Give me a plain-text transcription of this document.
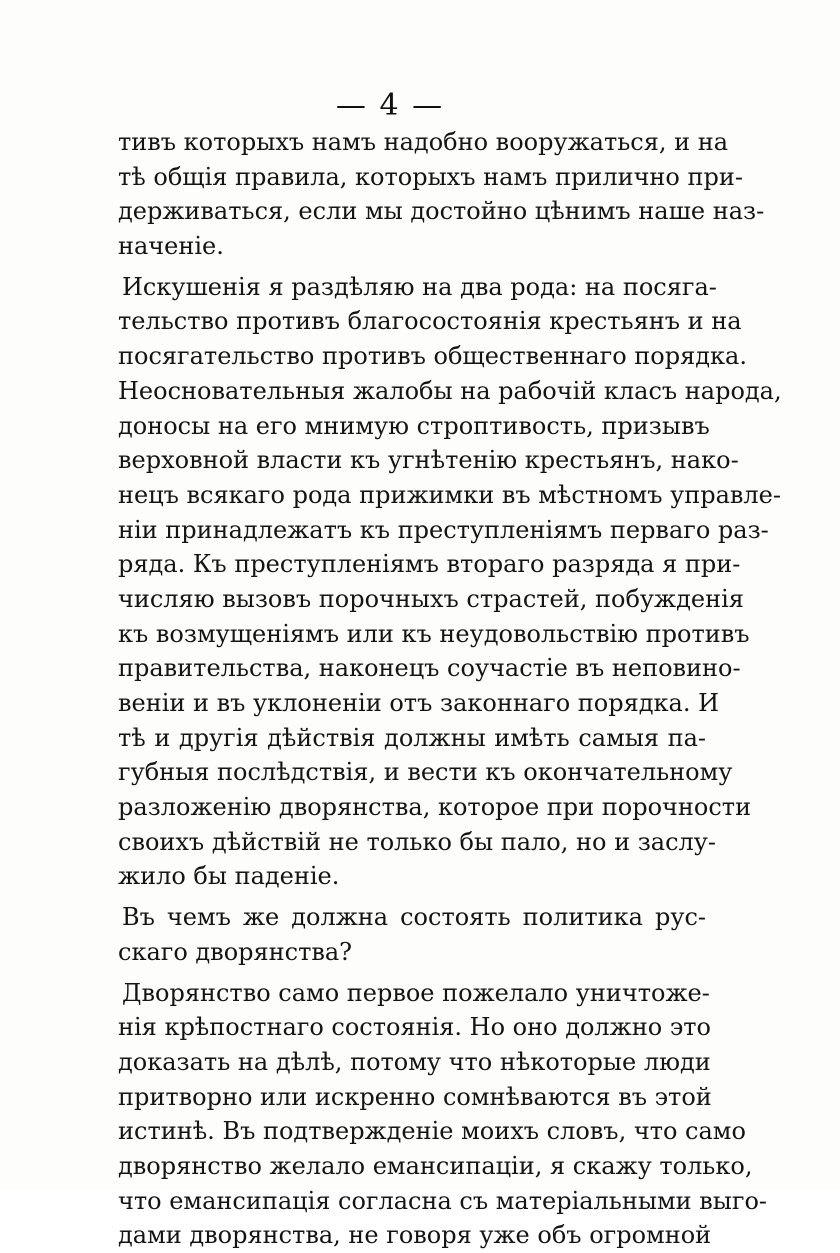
— 4 —
тивъ которыхъ намъ надобно вооружаться, и на
тѣ общія правила, которыхъ намъ прилично при-
держиваться, если мы достойно цѣнимъ наше наз-
наченіе.
Искушенія я раздѣляю на два рода: на посяга-
тельство противъ благосостоянія крестьянъ и на
посягательство противъ общественнаго порядка.
Неосновательныя жалобы на рабочій класъ народа,
доносы на его мнимую строптивость, призывъ
верховной власти къ угнѣтенію крестьянъ, нако-
нецъ всякаго рода прижимки въ мѣстномъ управле-
ніи принадлежатъ къ преступленіямъ перваго раз-
ряда. Къ преступленіямъ втораго разряда я при-
числяю вызовъ порочныхъ страстей, побужденія
къ возмущеніямъ или къ неудовольствію противъ
правительства, наконецъ соучастіе въ неповино-
веніи и въ уклоненіи отъ законнаго порядка. И
тѣ и другія дѣйствія должны имѣть самыя па-
губныя послѣдствія, и вести къ окончательному
разложенію дворянства, которое при порочности
своихъ дѣйствій не только бы пало, но и заслу-
жило бы паденіе.
Въ чемъ же должна состоять политика рус-
скаго дворянства?
Дворянство само первое пожелало уничтоже-
нія крѣпостнаго состоянія. Но оно должно это
доказать на дѣлѣ, потому что нѣкоторые люди
притворно или искренно сомнѣваются въ этой
истинѣ. Въ подтвержденіе моихъ словъ, что само
дворянство желало емансипаціи, я скажу только,
что емансипація согласна съ матеріальными выго-
дами дворянства, не говоря уже объ огромной
